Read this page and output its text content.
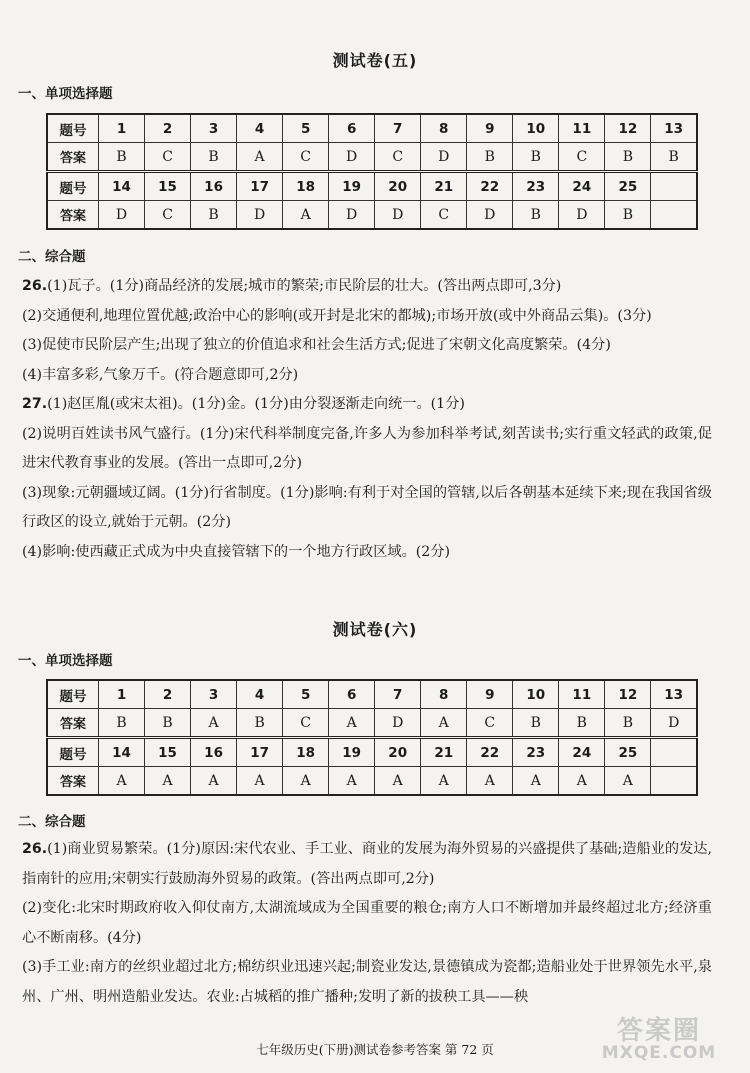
测试卷(五)
一、单项选择题
题号	1	2	3	4	5	6	7	8	9	10	11	12	13
答案	B	C	B	A	C	D	C	D	B	B	C	B	B
题号	14	15	16	17	18	19	20	21	22	23	24	25	
答案	D	C	B	D	A	D	D	C	D	B	D	B	
二、综合题

26.(1)瓦子。(1分)商品经济的发展;城市的繁荣;市民阶层的壮大。(答出两点即可,3分)

(2)交通便利,地理位置优越;政治中心的影响(或开封是北宋的都城);市场开放(或中外商品云集)。(3分)

(3)促使市民阶层产生;出现了独立的价值追求和社会生活方式;促进了宋朝文化高度繁荣。(4分)

(4)丰富多彩,气象万千。(符合题意即可,2分)

27.(1)赵匡胤(或宋太祖)。(1分)金。(1分)由分裂逐渐走向统一。(1分)

(2)说明百姓读书风气盛行。(1分)宋代科举制度完备,许多人为参加科举考试,刻苦读书;实行重文轻武的政策,促进宋代教育事业的发展。(答出一点即可,2分)

(3)现象:元朝疆域辽阔。(1分)行省制度。(1分)影响:有利于对全国的管辖,以后各朝基本延续下来;现在我国省级行政区的设立,就始于元朝。(2分)

(4)影响:使西藏正式成为中央直接管辖下的一个地方行政区域。(2分)

测试卷(六)
一、单项选择题
题号	1	2	3	4	5	6	7	8	9	10	11	12	13
答案	B	B	A	B	C	A	D	A	C	B	B	B	D
题号	14	15	16	17	18	19	20	21	22	23	24	25	
答案	A	A	A	A	A	A	A	A	A	A	A	A	
二、综合题

26.(1)商业贸易繁荣。(1分)原因:宋代农业、手工业、商业的发展为海外贸易的兴盛提供了基础;造船业的发达,指南针的应用;宋朝实行鼓励海外贸易的政策。(答出两点即可,2分)

(2)变化:北宋时期政府收入仰仗南方,太湖流域成为全国重要的粮仓;南方人口不断增加并最终超过北方;经济重心不断南移。(4分)

(3)手工业:南方的丝织业超过北方;棉纺织业迅速兴起;制瓷业发达,景德镇成为瓷都;造船业处于世界领先水平,泉州、广州、明州造船业发达。农业:占城稻的推广播种;发明了新的拔秧工具——秧

七年级历史(下册)测试卷参考答案 第 72 页
答案圈
MXQE.COM
